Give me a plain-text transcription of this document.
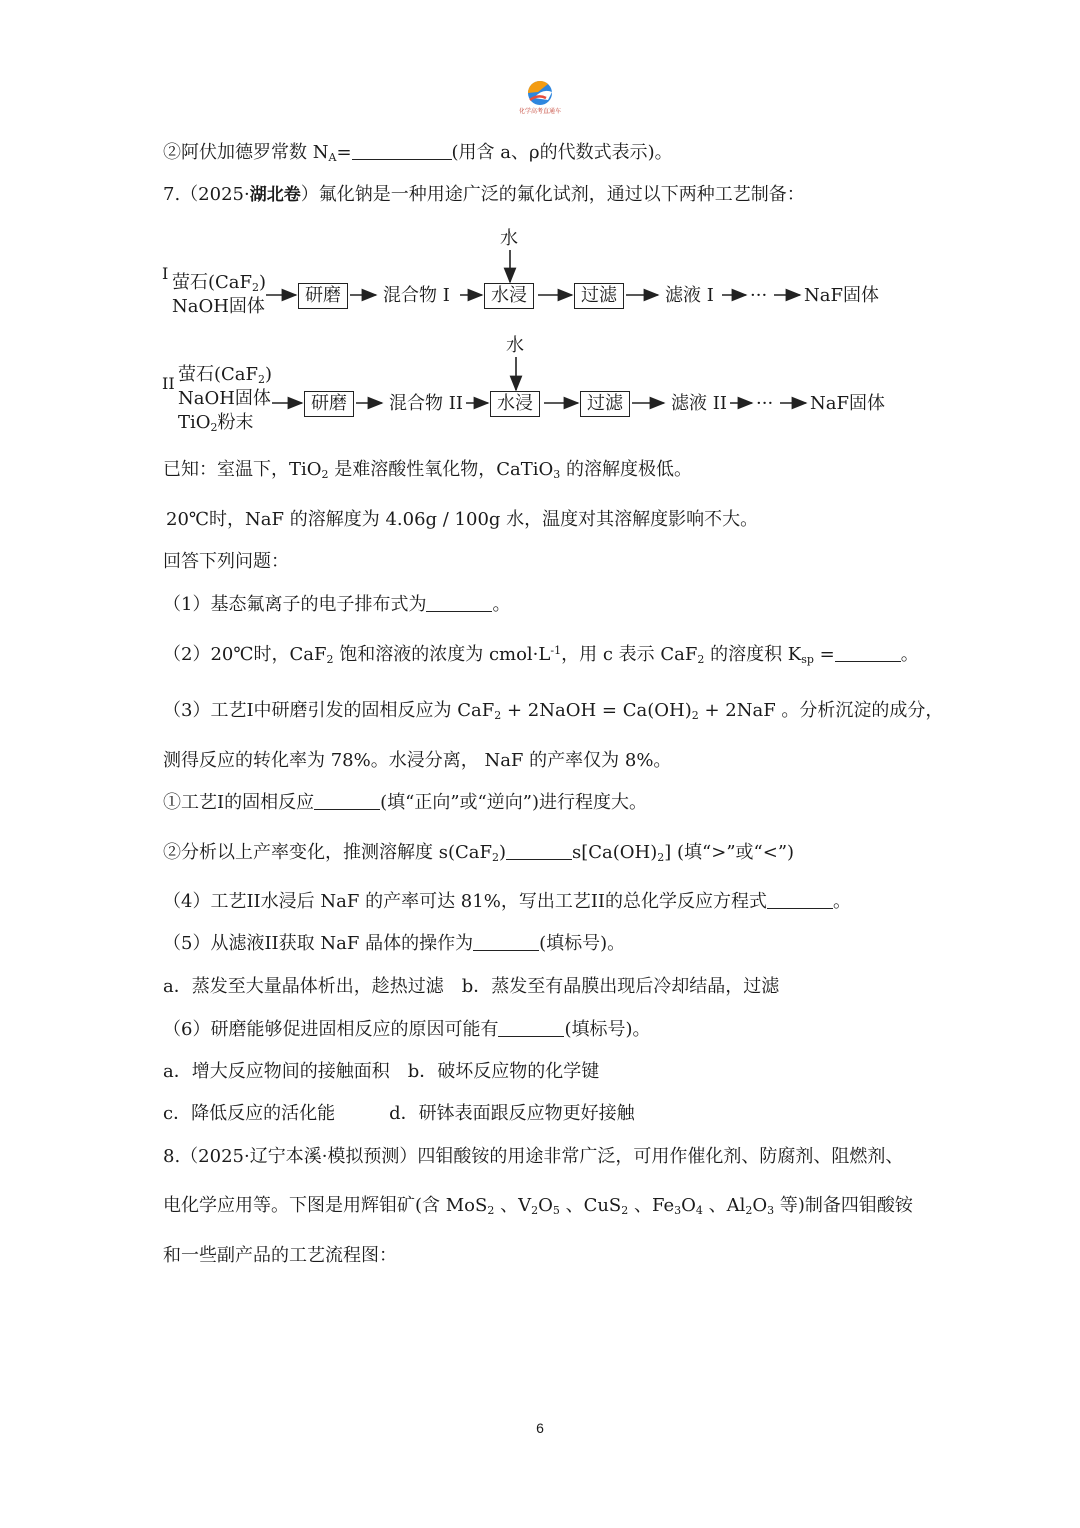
化学高考直通车
②阿伏加德罗常数 $N_A=$	(用含 a、ρ的代数式表示)。
7.（2025·湖北卷）氟化钠是一种用途广泛的氟化试剂，通过以下两种工艺制备：
I 萤石(CaF$_2$)
NaOH固体
水
研磨	混合物 I	水浸	过滤	滤液 I ··· NaF固体
II 萤石(CaF$_2$)
NaOH固体
TiO$_2$粉末
水
研磨	混合物 II	水浸	过滤	滤液 II ··· NaF固体
已知：室温下，TiO$_2$ 是难溶酸性氧化物，CaTiO$_3$ 的溶解度极低。
20℃时，NaF 的溶解度为 4.06g / 100g 水，温度对其溶解度影响不大。
回答下列问题：
（1）基态氟离子的电子排布式为	。
（2）20℃时，CaF$_2$ 饱和溶液的浓度为 $cmol\cdot L^{-1}$，用 c 表示 CaF$_2$ 的溶度积 $K_{sp}$ =	。
（3）工艺I中研磨引发的固相反应为 CaF$_2$ + 2NaOH = $Ca(OH)_2 + 2NaF$ 。分析沉淀的成分，
测得反应的转化率为 78%。水浸分离， NaF 的产率仅为 8%。
①工艺I的固相反应	(填“正向”或“逆向”)进行程度大。
②分析以上产率变化，推测溶解度 s(CaF$_2$)	$s[Ca(OH)_2]$ (填“>”或“<”)
（4）工艺II水浸后 NaF 的产率可达 81%，写出工艺II的总化学反应方程式	。
（5）从滤液II获取 NaF 晶体的操作为	(填标号)。
a．蒸发至大量晶体析出，趁热过滤　b．蒸发至有晶膜出现后冷却结晶，过滤
（6）研磨能够促进固相反应的原因可能有	(填标号)。
a．增大反应物间的接触面积　b．破坏反应物的化学键
c．降低反应的活化能　　　d．研钵表面跟反应物更好接触
8.（2025·辽宁本溪·模拟预测）四钼酸铵的用途非常广泛，可用作催化剂、防腐剂、阻燃剂、
电化学应用等。下图是用辉钼矿(含 MoS$_2$ 、$V_2O_5$ 、CuS$_2$ 、$Fe_3O_4$ 、$Al_2O_3$ 等)制备四钼酸铵
和一些副产品的工艺流程图：
6
